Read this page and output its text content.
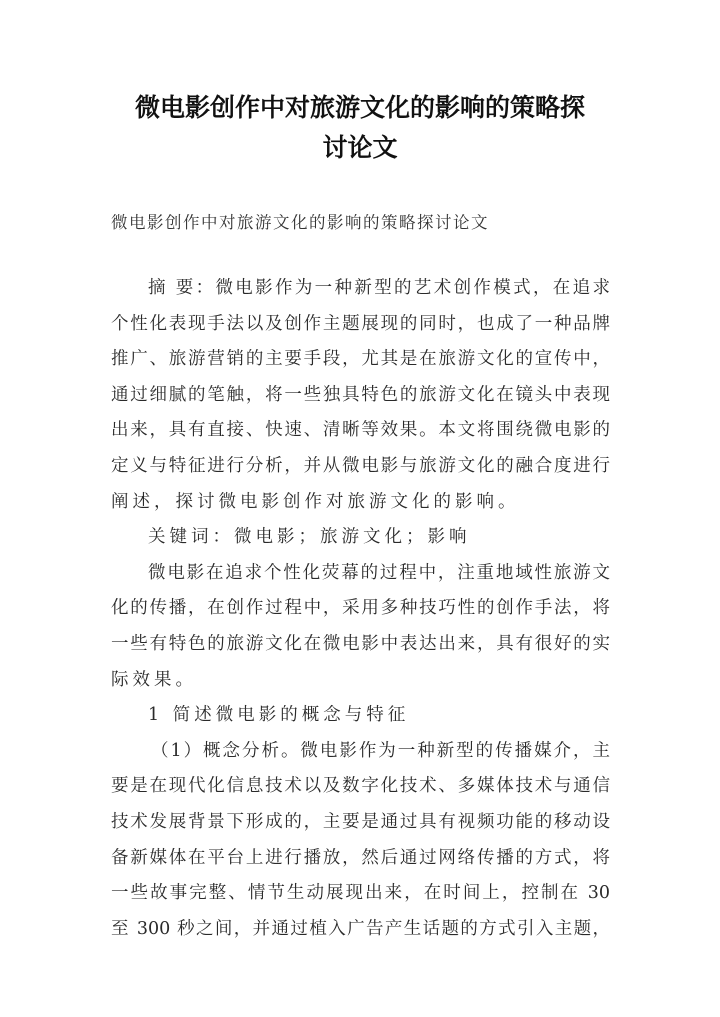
微电影创作中对旅游文化的影响的策略探
讨论文
微电影创作中对旅游文化的影响的策略探讨论文
摘 要：微电影作为一种新型的艺术创作模式，在追求
个性化表现手法以及创作主题展现的同时，也成了一种品牌
推广、旅游营销的主要手段，尤其是在旅游文化的宣传中，
通过细腻的笔触，将一些独具特色的旅游文化在镜头中表现
出来，具有直接、快速、清晰等效果。本文将围绕微电影的
定义与特征进行分析，并从微电影与旅游文化的融合度进行
阐述，探讨微电影创作对旅游文化的影响。
关键词：微电影；旅游文化；影响
微电影在追求个性化荧幕的过程中，注重地域性旅游文
化的传播，在创作过程中，采用多种技巧性的创作手法，将
一些有特色的旅游文化在微电影中表达出来，具有很好的实
际效果。
1 简述微电影的概念与特征
（1）概念分析。微电影作为一种新型的传播媒介，主
要是在现代化信息技术以及数字化技术、多媒体技术与通信
技术发展背景下形成的，主要是通过具有视频功能的移动设
备新媒体在平台上进行播放，然后通过网络传播的方式，将
一些故事完整、情节生动展现出来，在时间上，控制在 30
至 300 秒之间，并通过植入广告产生话题的方式引入主题，
